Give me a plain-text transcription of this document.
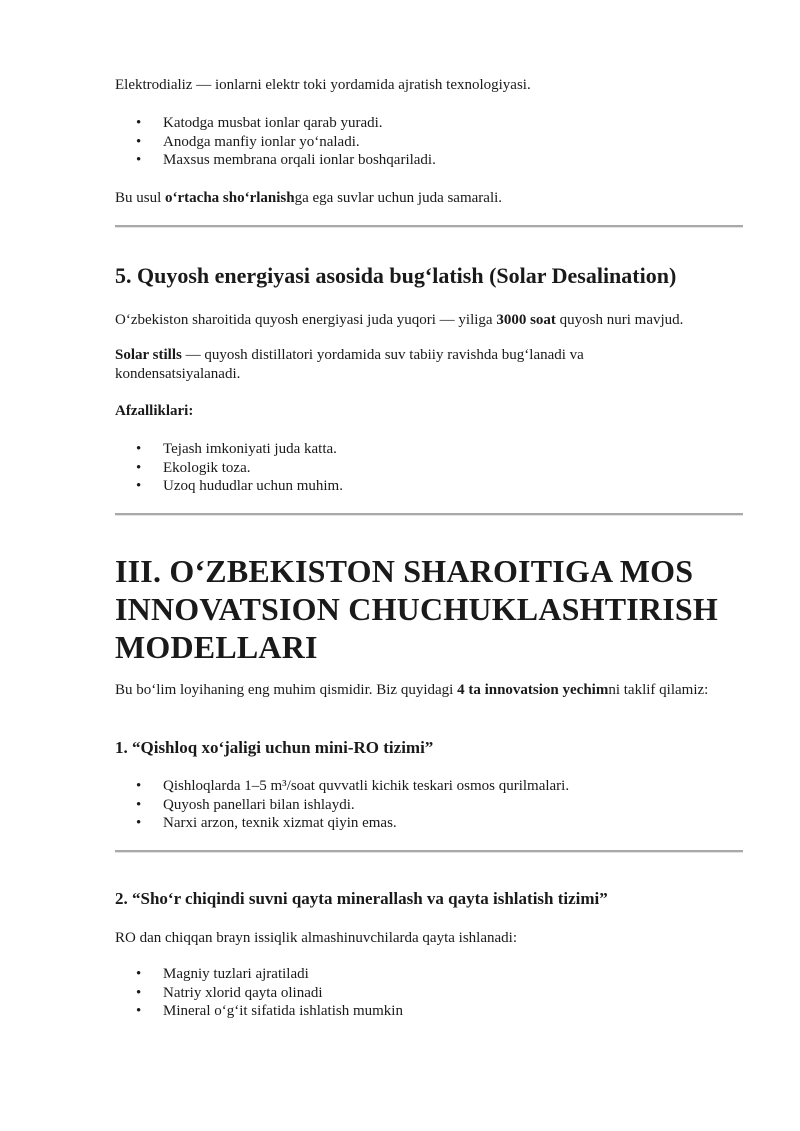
Elektrodializ — ionlarni elektr toki yordamida ajratish texnologiyasi.

• Katodga musbat ionlar qarab yuradi.
• Anodga manfiy ionlar yo‘naladi.
• Maxsus membrana orqali ionlar boshqariladi.

Bu usul o‘rtacha sho‘rlanishga ega suvlar uchun juda samarali.

5. Quyosh energiyasi asosida bug‘latish (Solar Desalination)

O‘zbekiston sharoitida quyosh energiyasi juda yuqori — yiliga 3000 soat quyosh nuri mavjud.

Solar stills — quyosh distillatori yordamida suv tabiiy ravishda bug‘lanadi va kondensatsiyalanadi.

Afzalliklari:

• Tejash imkoniyati juda katta.
• Ekologik toza.
• Uzoq hududlar uchun muhim.
III. O‘ZBEKISTON SHAROITIGA MOS
INNOVATSION CHUCHUKLASHTIRISH
MODELLARI

Bu bo‘lim loyihaning eng muhim qismidir. Biz quyidagi 4 ta innovatsion yechimni taklif qilamiz:

1. “Qishloq xo‘jaligi uchun mini-RO tizimi”
• Qishloqlarda 1–5 m³/soat quvvatli kichik teskari osmos qurilmalari.
• Quyosh panellari bilan ishlaydi.
• Narxi arzon, texnik xizmat qiyin emas.
2. “Sho‘r chiqindi suvni qayta minerallash va qayta ishlatish tizimi”

RO dan chiqqan brayn issiqlik almashinuvchilarda qayta ishlanadi:

• Magniy tuzlari ajratiladi
• Natriy xlorid qayta olinadi
• Mineral o‘g‘it sifatida ishlatish mumkin
